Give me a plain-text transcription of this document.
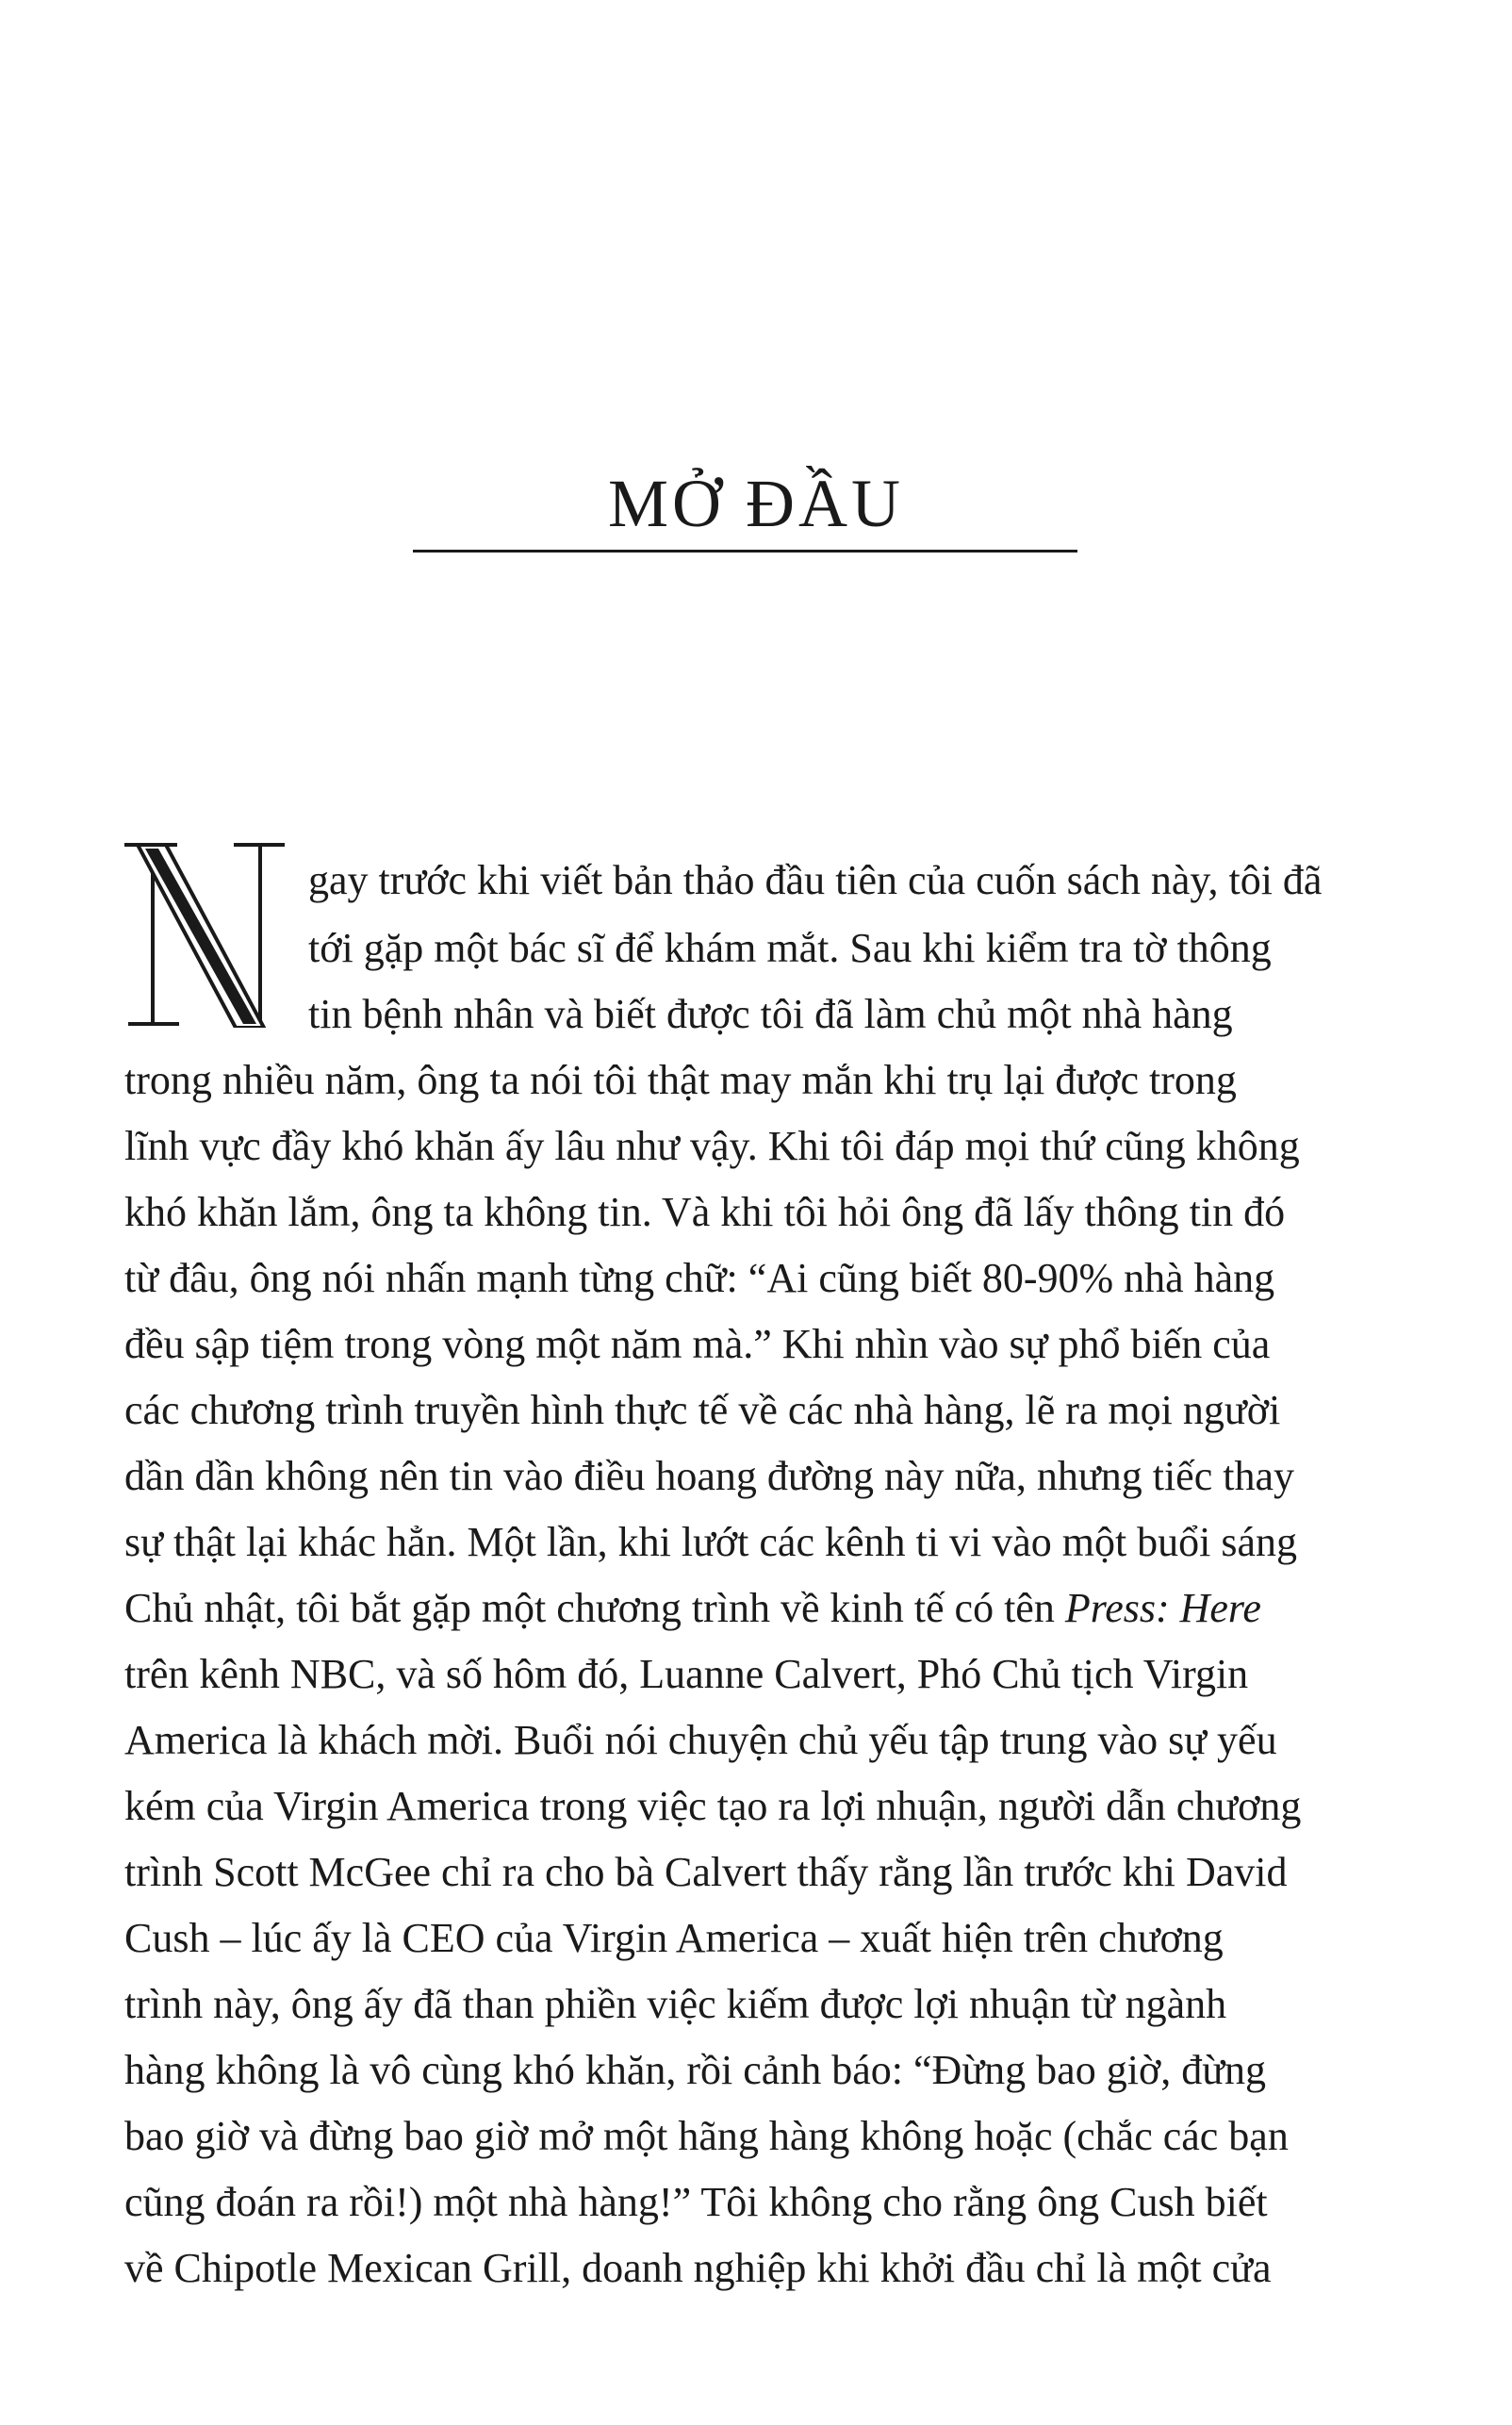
MỞ ĐẦU
gay trước khi viết bản thảo đầu tiên của cuốn sách này, tôi đã
tới gặp một bác sĩ để khám mắt. Sau khi kiểm tra tờ thông
tin bệnh nhân và biết được tôi đã làm chủ một nhà hàng
trong nhiều năm, ông ta nói tôi thật may mắn khi trụ lại được trong
lĩnh vực đầy khó khăn ấy lâu như vậy. Khi tôi đáp mọi thứ cũng không
khó khăn lắm, ông ta không tin. Và khi tôi hỏi ông đã lấy thông tin đó
từ đâu, ông nói nhấn mạnh từng chữ: “Ai cũng biết 80-90% nhà hàng
đều sập tiệm trong vòng một năm mà.” Khi nhìn vào sự phổ biến của
các chương trình truyền hình thực tế về các nhà hàng, lẽ ra mọi người
dần dần không nên tin vào điều hoang đường này nữa, nhưng tiếc thay
sự thật lại khác hẳn. Một lần, khi lướt các kênh ti vi vào một buổi sáng
Chủ nhật, tôi bắt gặp một chương trình về kinh tế có tên Press: Here
trên kênh NBC, và số hôm đó, Luanne Calvert, Phó Chủ tịch Virgin
America là khách mời. Buổi nói chuyện chủ yếu tập trung vào sự yếu
kém của Virgin America trong việc tạo ra lợi nhuận, người dẫn chương
trình Scott McGee chỉ ra cho bà Calvert thấy rằng lần trước khi David
Cush – lúc ấy là CEO của Virgin America – xuất hiện trên chương
trình này, ông ấy đã than phiền việc kiếm được lợi nhuận từ ngành
hàng không là vô cùng khó khăn, rồi cảnh báo: “Đừng bao giờ, đừng
bao giờ và đừng bao giờ mở một hãng hàng không hoặc (chắc các bạn
cũng đoán ra rồi!) một nhà hàng!” Tôi không cho rằng ông Cush biết
về Chipotle Mexican Grill, doanh nghiệp khi khởi đầu chỉ là một cửa
